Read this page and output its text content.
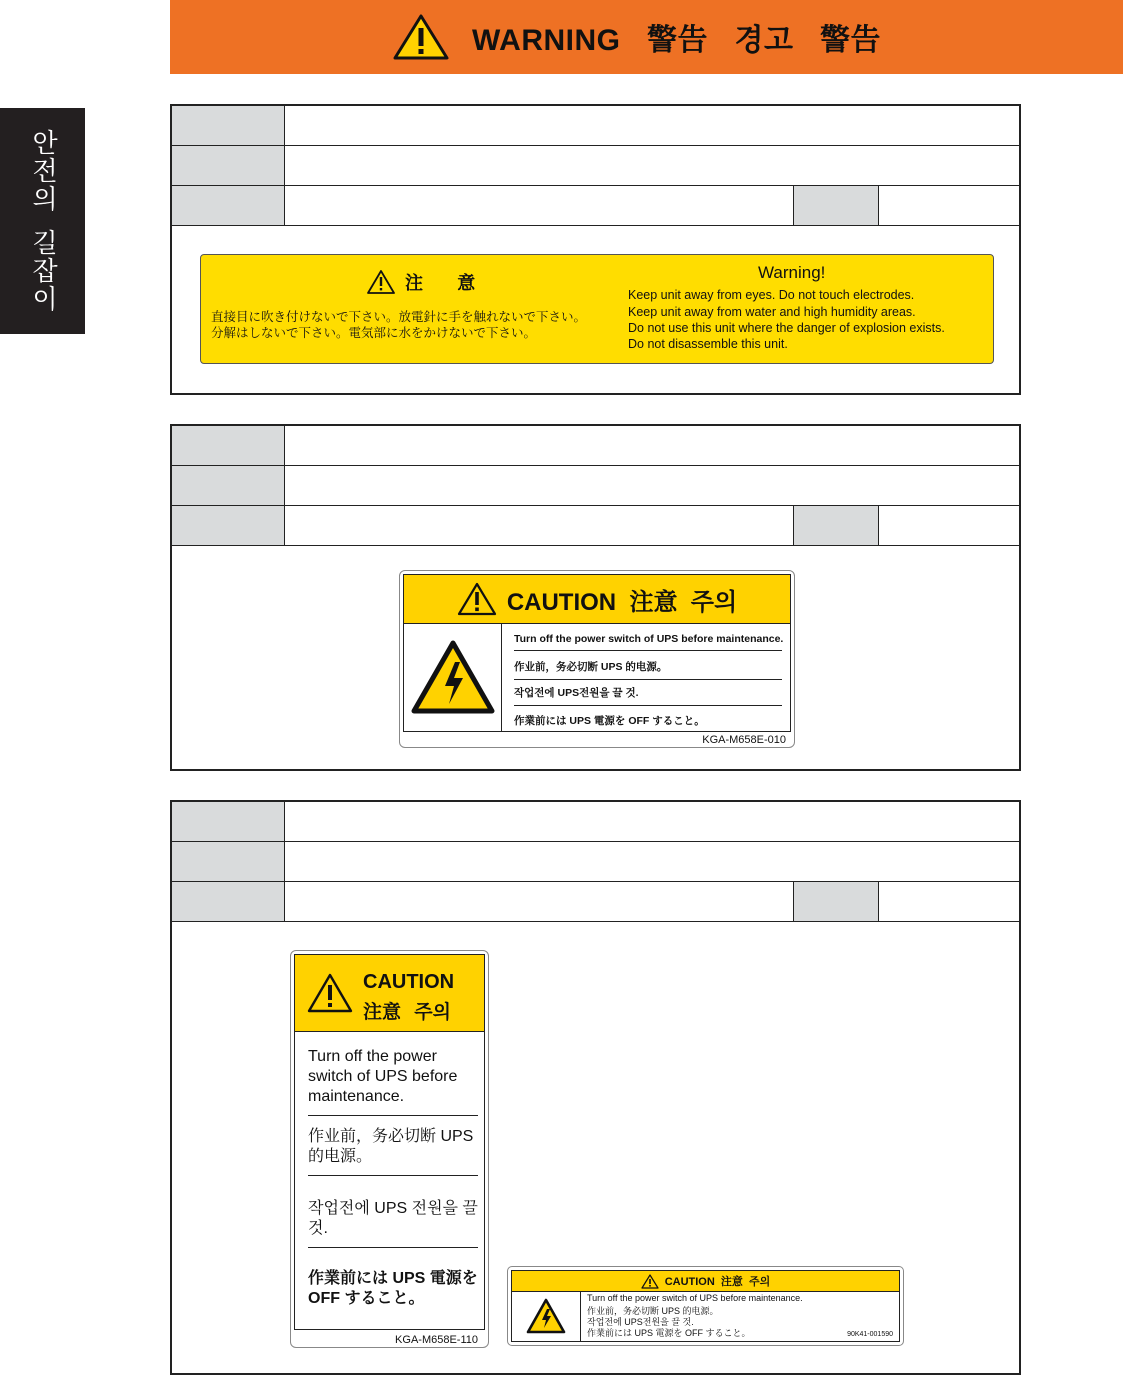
WARNING   警告   경고   警告
안전의
길잡이	注 意
直接目に吹き付けないで下さい。放電針に手を触れないで下さい。
分解はしないで下さい。電気部に水をかけないで下さい。
Warning!
Keep unit away from eyes. Do not touch electrodes.
Keep unit away from water and high humidity areas.
Do not use this unit where the danger of explosion exists.
Do not disassemble this unit.
CAUTION  注意  주의
Turn off the power switch of UPS before maintenance.
作业前，务必切断 UPS 的电源。
작업전에 UPS전원을 끌 것.
作業前には UPS 電源を OFF すること。
KGA-M658E-010
CAUTION
注意  주의
Turn off the power switch of UPS before maintenance.
作业前，务必切断 UPS 的电源。
작업전에 UPS 전원을 끌 것.
作業前には UPS 電源を OFF すること。
KGA-M658E-110
CAUTION  注意  주의
Turn off the power switch of UPS before maintenance.
作业前，务必切断 UPS 的电源。
작업전에 UPS전원을 끌 것.
作業前には UPS 電源を OFF すること。	90K41-001590
